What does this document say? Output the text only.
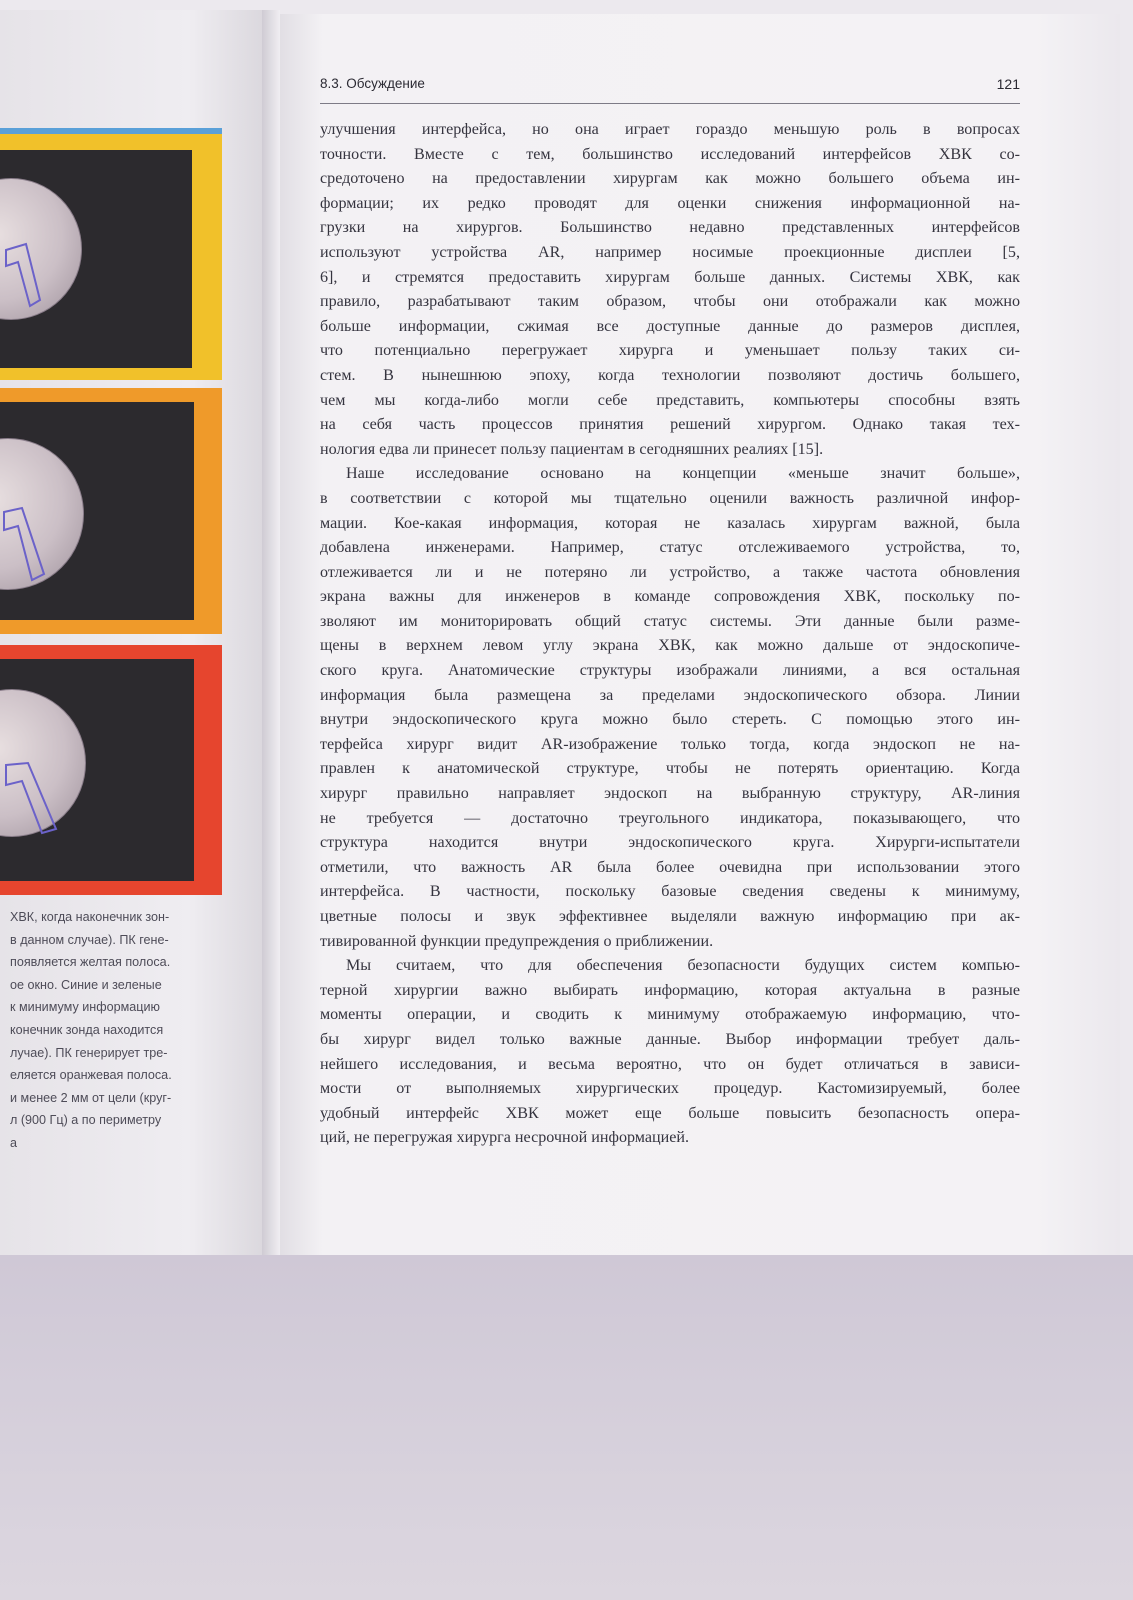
ХВК, когда наконечник зон-
в данном случае). ПК гене-
появляется желтая полоса.
ое окно. Синие и зеленые
к минимуму информацию
конечник зонда находится
лучае). ПК генерирует тре-
еляется оранжевая полоса.
и менее 2 мм от цели (круг-
л (900 Гц) а по периметру
а
8.3. Обсуждение	121
улучшения интерфейса, но она играет гораздо меньшую роль в вопросах
точности. Вместе с тем, большинство исследований интерфейсов ХВК со-
средоточено на предоставлении хирургам как можно большего объема ин-
формации; их редко проводят для оценки снижения информационной на-
грузки на хирургов. Большинство недавно представленных интерфейсов
используют устройства AR, например носимые проекционные дисплеи [5,
6], и стремятся предоставить хирургам больше данных. Системы ХВК, как
правило, разрабатывают таким образом, чтобы они отображали как можно
больше информации, сжимая все доступные данные до размеров дисплея,
что потенциально перегружает хирурга и уменьшает пользу таких си-
стем. В нынешнюю эпоху, когда технологии позволяют достичь большего,
чем мы когда-либо могли себе представить, компьютеры способны взять
на себя часть процессов принятия решений хирургом. Однако такая тех-
нология едва ли принесет пользу пациентам в сегодняшних реалиях [15].
Наше исследование основано на концепции «меньше значит больше»,
в соответствии с которой мы тщательно оценили важность различной инфор-
мации. Кое-какая информация, которая не казалась хирургам важной, была
добавлена инженерами. Например, статус отслеживаемого устройства, то,
отлеживается ли и не потеряно ли устройство, а также частота обновления
экрана важны для инженеров в команде сопровождения ХВК, поскольку по-
зволяют им мониторировать общий статус системы. Эти данные были разме-
щены в верхнем левом углу экрана ХВК, как можно дальше от эндоскопиче-
ского круга. Анатомические структуры изображали линиями, а вся остальная
информация была размещена за пределами эндоскопического обзора. Линии
внутри эндоскопического круга можно было стереть. С помощью этого ин-
терфейса хирург видит AR-изображение только тогда, когда эндоскоп не на-
правлен к анатомической структуре, чтобы не потерять ориентацию. Когда
хирург правильно направляет эндоскоп на выбранную структуру, AR-линия
не требуется — достаточно треугольного индикатора, показывающего, что
структура находится внутри эндоскопического круга. Хирурги-испытатели
отметили, что важность AR была более очевидна при использовании этого
интерфейса. В частности, поскольку базовые сведения сведены к минимуму,
цветные полосы и звук эффективнее выделяли важную информацию при ак-
тивированной функции предупреждения о приближении.
Мы считаем, что для обеспечения безопасности будущих систем компью-
терной хирургии важно выбирать информацию, которая актуальна в разные
моменты операции, и сводить к минимуму отображаемую информацию, что-
бы хирург видел только важные данные. Выбор информации требует даль-
нейшего исследования, и весьма вероятно, что он будет отличаться в зависи-
мости от выполняемых хирургических процедур. Кастомизируемый, более
удобный интерфейс ХВК может еще больше повысить безопасность опера-
ций, не перегружая хирурга несрочной информацией.
